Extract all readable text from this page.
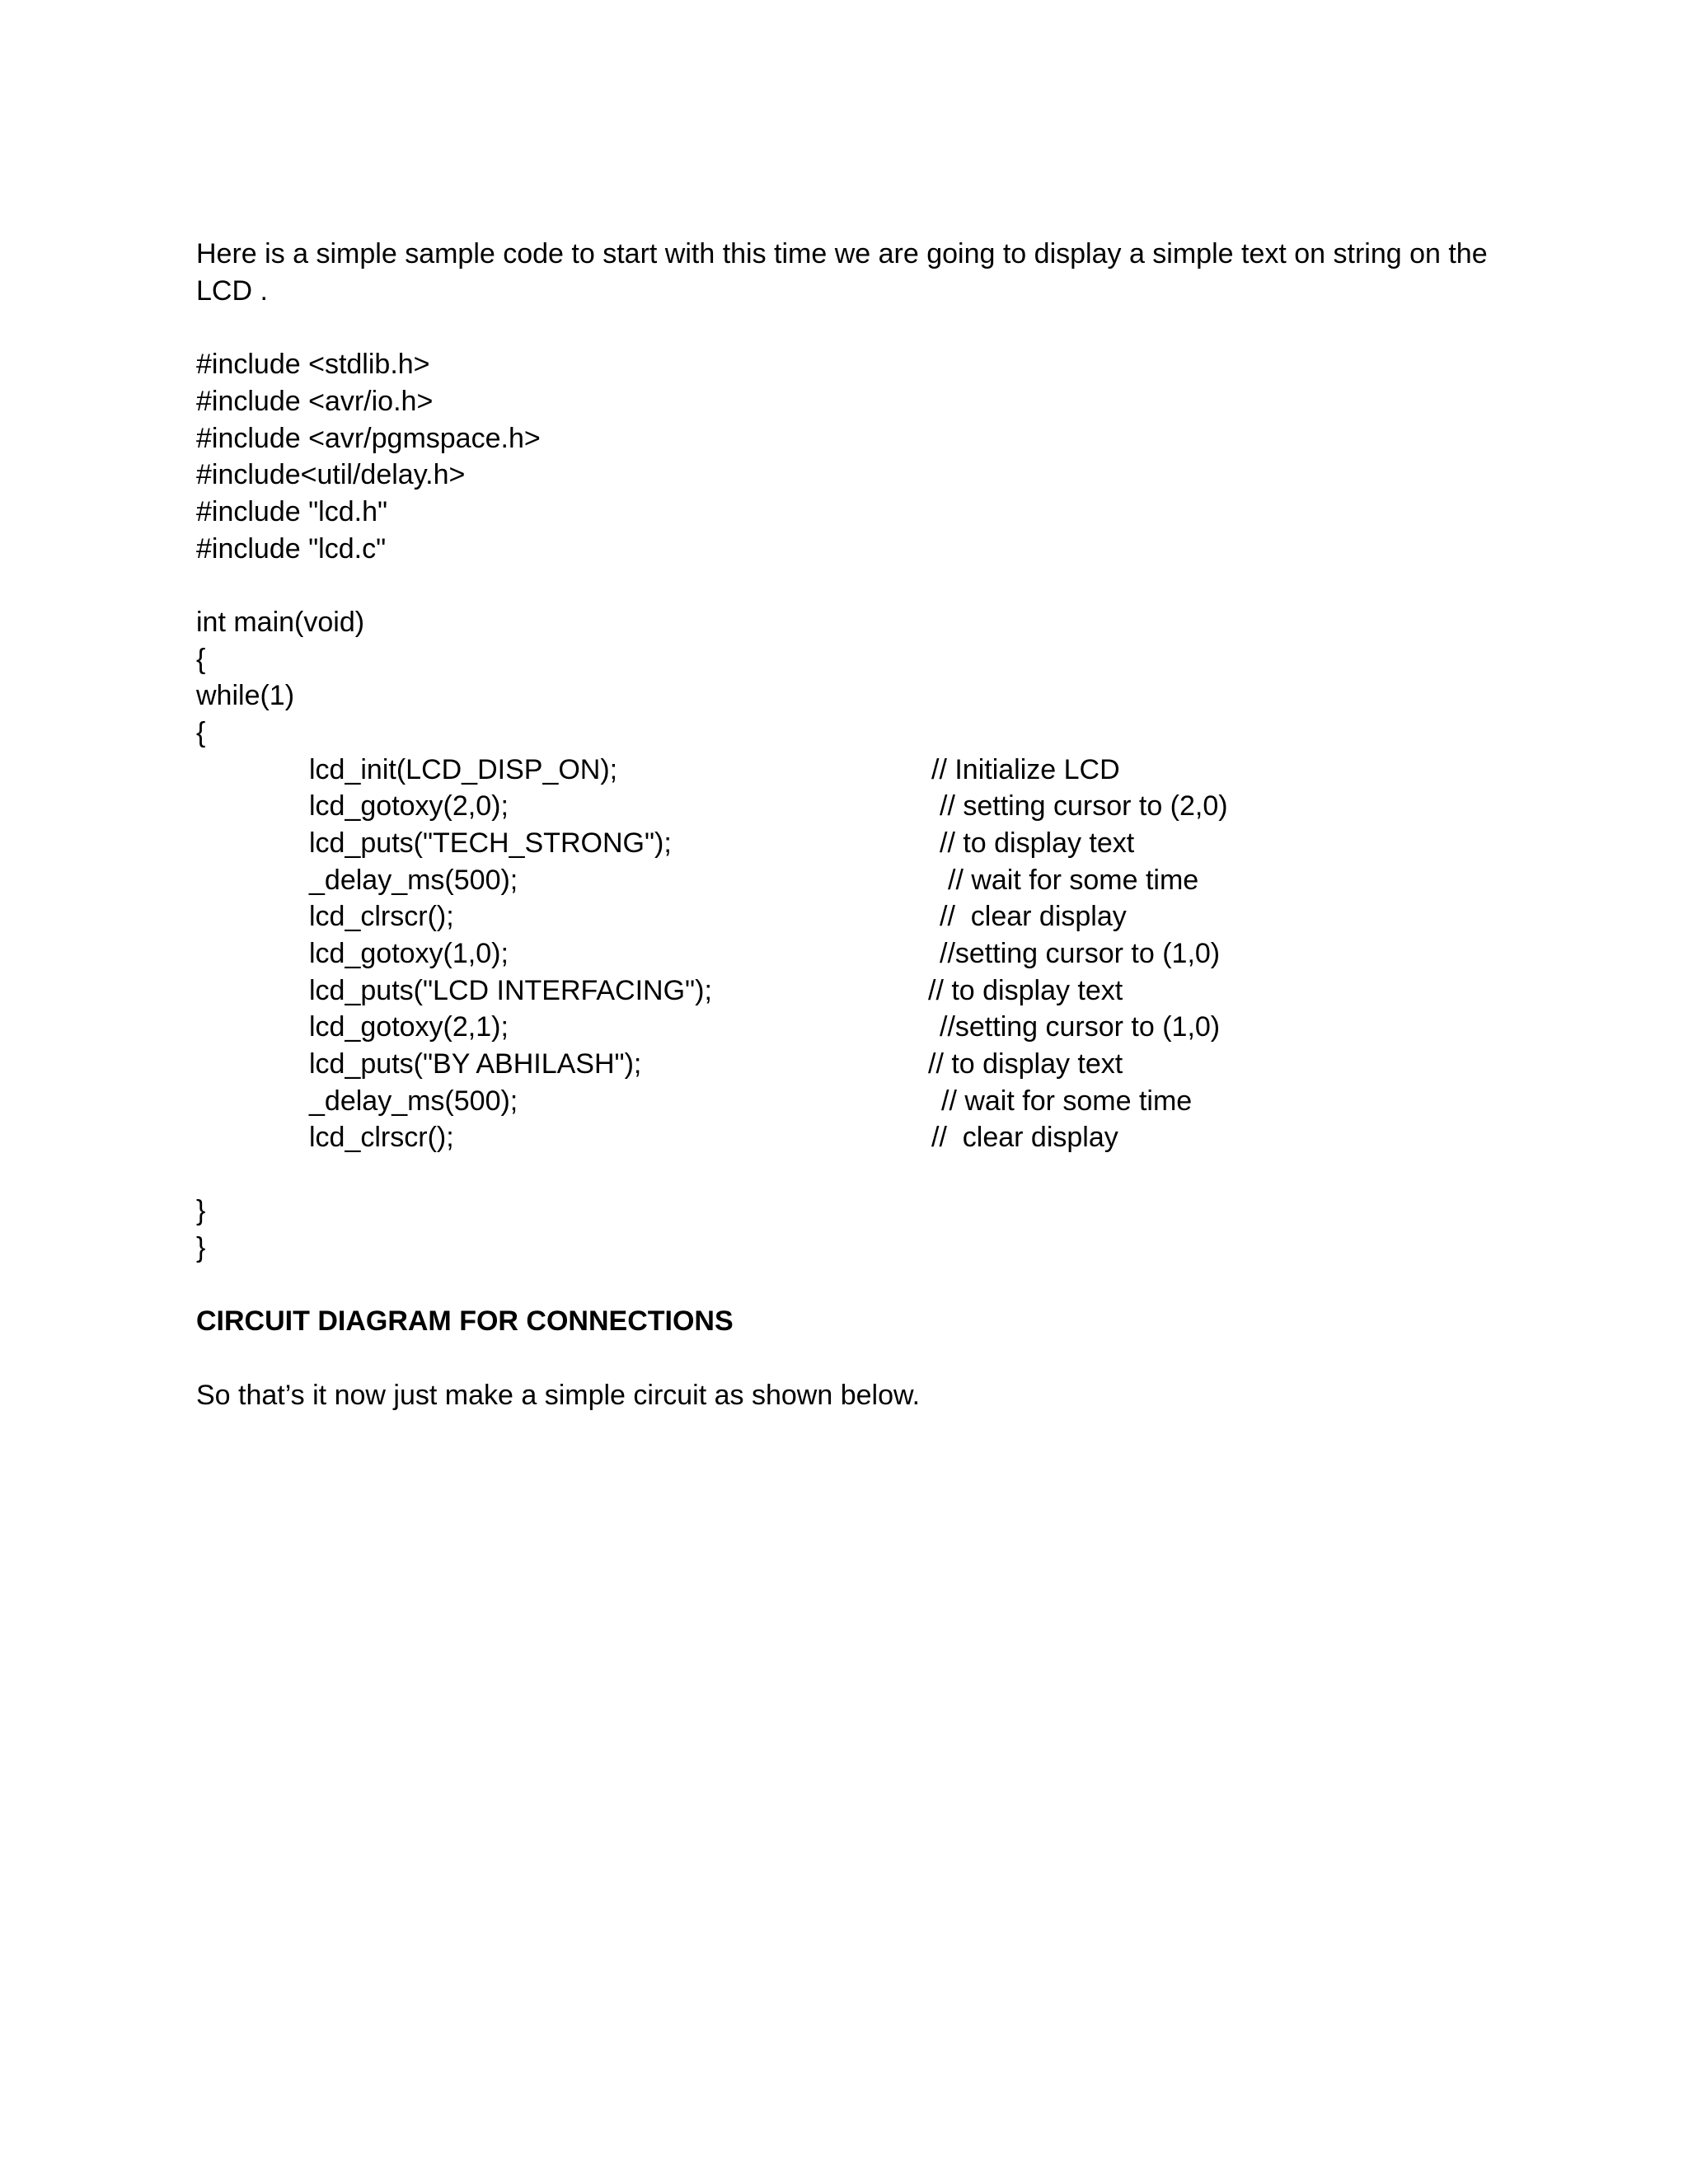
Here is a simple sample code to start with this time we are going to display a simple text on string on the
LCD .
#include <stdlib.h>
#include <avr/io.h>
#include <avr/pgmspace.h>
#include<util/delay.h>
#include "lcd.h"
#include "lcd.c"
int main(void)
{
while(1)
{
lcd_init(LCD_DISP_ON);	// Initialize LCD
lcd_gotoxy(2,0);	// setting cursor to (2,0)
lcd_puts("TECH_STRONG");	// to display text
_delay_ms(500);	// wait for some time
lcd_clrscr();	//  clear display
lcd_gotoxy(1,0);	//setting cursor to (1,0)
lcd_puts("LCD INTERFACING");	// to display text
lcd_gotoxy(2,1);	//setting cursor to (1,0)
lcd_puts("BY ABHILASH");	// to display text
_delay_ms(500);	// wait for some time
lcd_clrscr();	//  clear display
}
}
CIRCUIT DIAGRAM FOR CONNECTIONS
So that’s it now just make a simple circuit as shown below.
